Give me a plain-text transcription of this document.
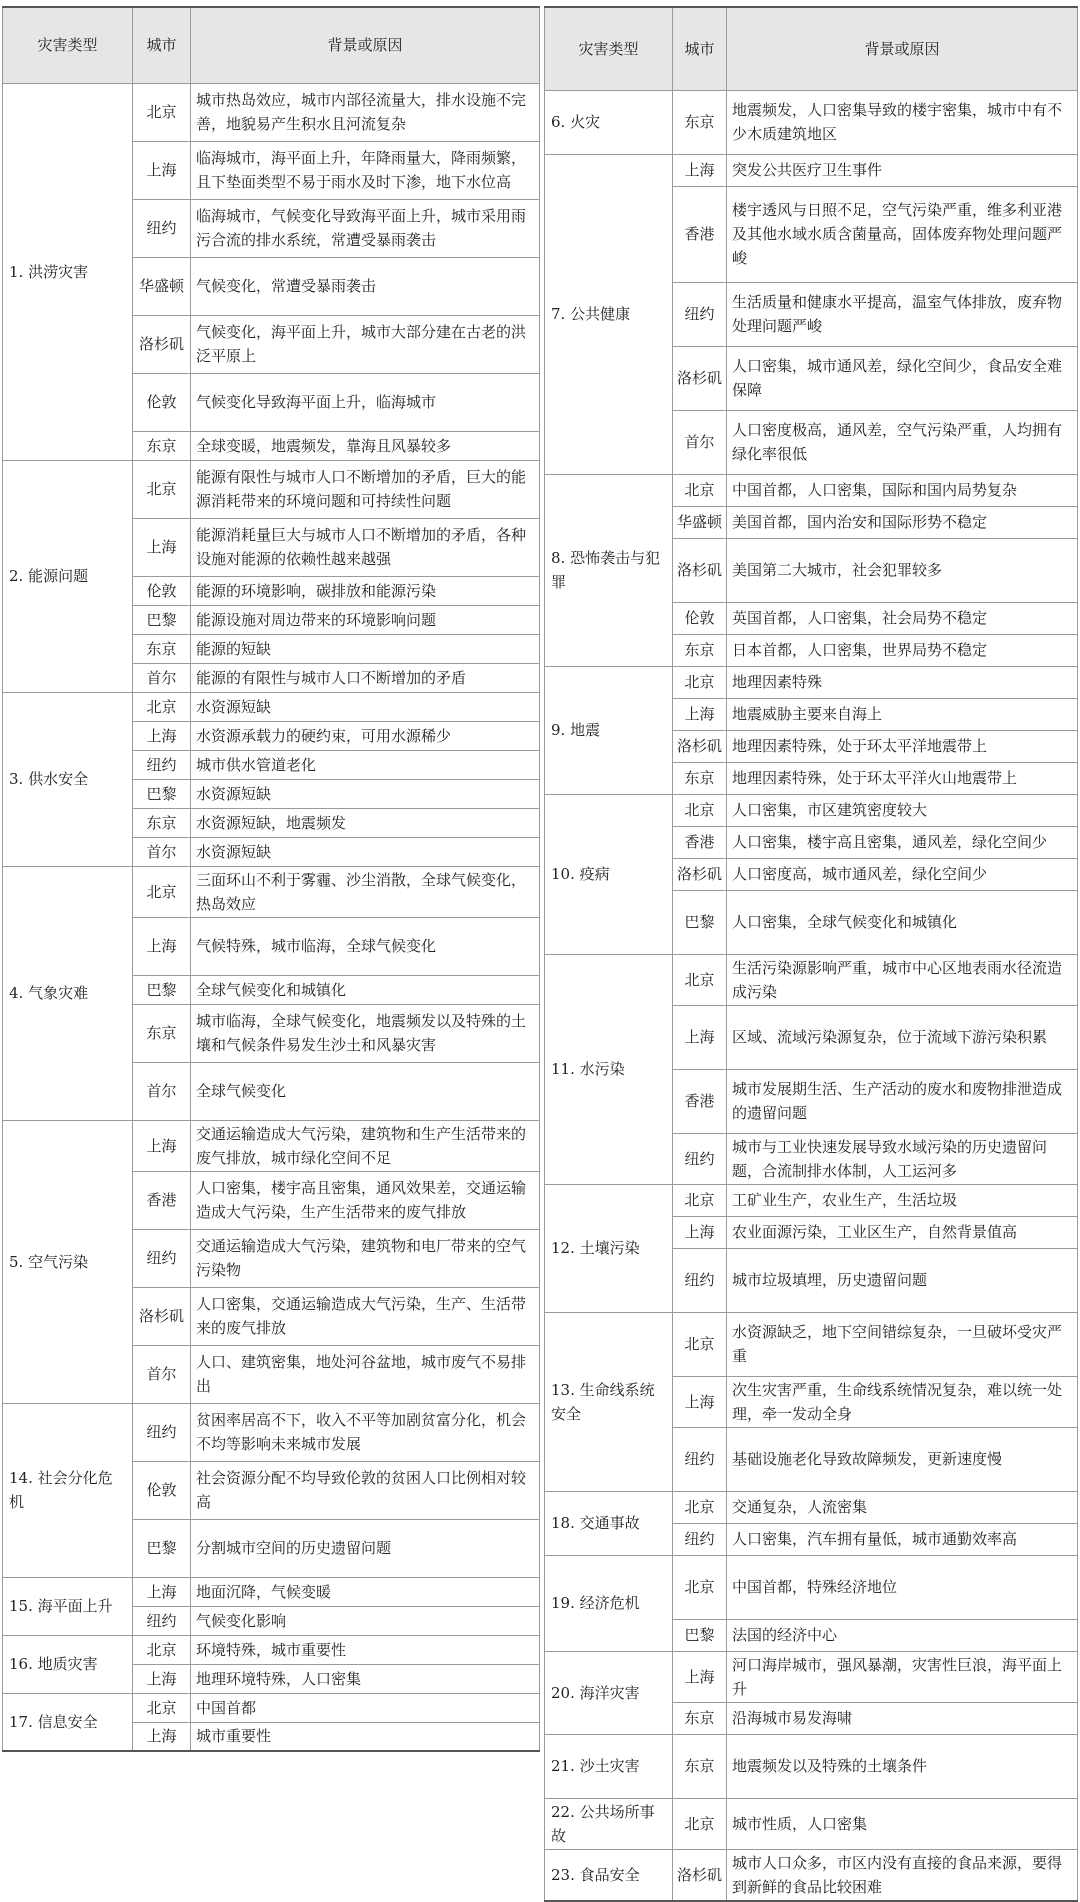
灾害类型	城市	背景或原因
1. 洪涝灾害	北京	城市热岛效应，城市内部径流量大，排水设施不完善，地貌易产生积水且河流复杂
	上海	临海城市，海平面上升，年降雨量大，降雨频繁，且下垫面类型不易于雨水及时下渗，地下水位高
	纽约	临海城市，气候变化导致海平面上升，城市采用雨污合流的排水系统，常遭受暴雨袭击
	华盛顿	气候变化，常遭受暴雨袭击
	洛杉矶	气候变化，海平面上升，城市大部分建在古老的洪泛平原上
	伦敦	气候变化导致海平面上升，临海城市
	东京	全球变暖，地震频发，靠海且风暴较多
2. 能源问题	北京	能源有限性与城市人口不断增加的矛盾，巨大的能源消耗带来的环境问题和可持续性问题
	上海	能源消耗量巨大与城市人口不断增加的矛盾，各种设施对能源的依赖性越来越强
	伦敦	能源的环境影响，碳排放和能源污染
	巴黎	能源设施对周边带来的环境影响问题
	东京	能源的短缺
	首尔	能源的有限性与城市人口不断增加的矛盾
3. 供水安全	北京	水资源短缺
	上海	水资源承载力的硬约束，可用水源稀少
	纽约	城市供水管道老化
	巴黎	水资源短缺
	东京	水资源短缺，地震频发
	首尔	水资源短缺
4. 气象灾难	北京	三面环山不利于雾霾、沙尘消散，全球气候变化，热岛效应
	上海	气候特殊，城市临海，全球气候变化
	巴黎	全球气候变化和城镇化
	东京	城市临海，全球气候变化，地震频发以及特殊的土壤和气候条件易发生沙土和风暴灾害
	首尔	全球气候变化
5. 空气污染	上海	交通运输造成大气污染，建筑物和生产生活带来的废气排放，城市绿化空间不足
	香港	人口密集，楼宇高且密集，通风效果差，交通运输造成大气污染，生产生活带来的废气排放
	纽约	交通运输造成大气污染，建筑物和电厂带来的空气污染物
	洛杉矶	人口密集，交通运输造成大气污染，生产、生活带来的废气排放
	首尔	人口、建筑密集，地处河谷盆地，城市废气不易排出
14. 社会分化危机	纽约	贫困率居高不下，收入不平等加剧贫富分化，机会不均等影响未来城市发展
	伦敦	社会资源分配不均导致伦敦的贫困人口比例相对较高
	巴黎	分割城市空间的历史遗留问题
15. 海平面上升	上海	地面沉降，气候变暖
	纽约	气候变化影响
16. 地质灾害	北京	环境特殊，城市重要性
	上海	地理环境特殊，人口密集
17. 信息安全	北京	中国首都
	上海	城市重要性
灾害类型	城市	背景或原因
6. 火灾	东京	地震频发，人口密集导致的楼宇密集，城市中有不少木质建筑地区
7. 公共健康	上海	突发公共医疗卫生事件
	香港	楼宇透风与日照不足，空气污染严重，维多利亚港及其他水域水质含菌量高，固体废弃物处理问题严峻
	纽约	生活质量和健康水平提高，温室气体排放，废弃物处理问题严峻
	洛杉矶	人口密集，城市通风差，绿化空间少，食品安全难保障
	首尔	人口密度极高，通风差，空气污染严重，人均拥有绿化率很低
8. 恐怖袭击与犯罪	北京	中国首都，人口密集，国际和国内局势复杂
	华盛顿	美国首都，国内治安和国际形势不稳定
	洛杉矶	美国第二大城市，社会犯罪较多
	伦敦	英国首都，人口密集，社会局势不稳定
	东京	日本首都，人口密集，世界局势不稳定
9. 地震	北京	地理因素特殊
	上海	地震威胁主要来自海上
	洛杉矶	地理因素特殊，处于环太平洋地震带上
	东京	地理因素特殊，处于环太平洋火山地震带上
10. 疫病	北京	人口密集，市区建筑密度较大
	香港	人口密集，楼宇高且密集，通风差，绿化空间少
	洛杉矶	人口密度高，城市通风差，绿化空间少
	巴黎	人口密集，全球气候变化和城镇化
11. 水污染	北京	生活污染源影响严重，城市中心区地表雨水径流造成污染
	上海	区域、流域污染源复杂，位于流域下游污染积累
	香港	城市发展期生活、生产活动的废水和废物排泄造成的遗留问题
	纽约	城市与工业快速发展导致水域污染的历史遗留问题，合流制排水体制，人工运河多
12. 土壤污染	北京	工矿业生产，农业生产，生活垃圾
	上海	农业面源污染，工业区生产，自然背景值高
	纽约	城市垃圾填埋，历史遗留问题
13. 生命线系统安全	北京	水资源缺乏，地下空间错综复杂，一旦破坏受灾严重
	上海	次生灾害严重，生命线系统情况复杂，难以统一处理，牵一发动全身
	纽约	基础设施老化导致故障频发，更新速度慢
18. 交通事故	北京	交通复杂，人流密集
	纽约	人口密集，汽车拥有量低，城市通勤效率高
19. 经济危机	北京	中国首都，特殊经济地位
	巴黎	法国的经济中心
20. 海洋灾害	上海	河口海岸城市，强风暴潮，灾害性巨浪，海平面上升
	东京	沿海城市易发海啸
21. 沙土灾害	东京	地震频发以及特殊的土壤条件
22. 公共场所事故	北京	城市性质，人口密集
23. 食品安全	洛杉矶	城市人口众多，市区内没有直接的食品来源，要得到新鲜的食品比较困难
